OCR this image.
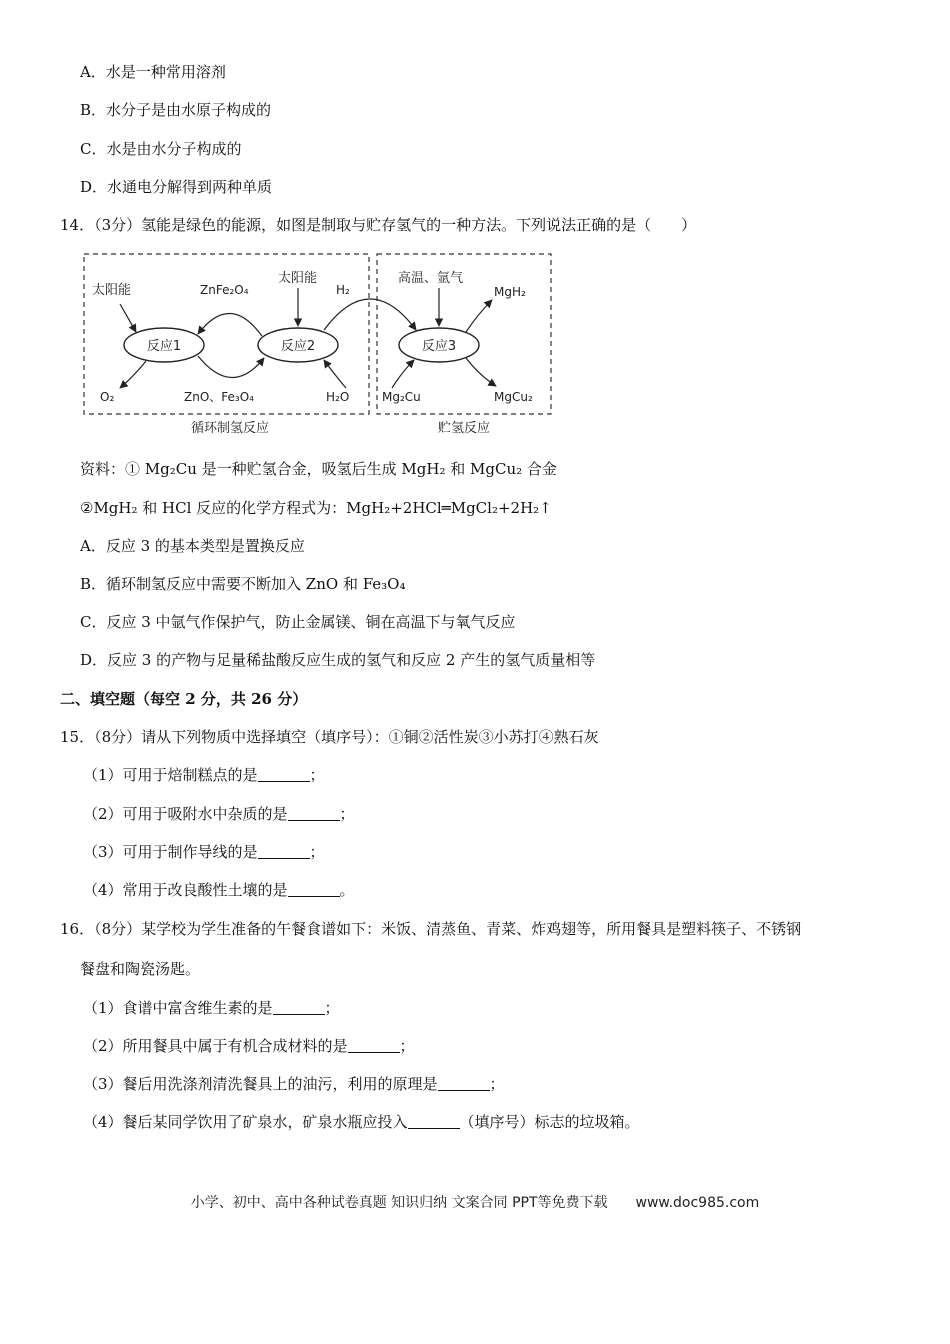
A．水是一种常用溶剂
B．水分子是由水原子构成的
C．水是由水分子构成的
D．水通电分解得到两种单质
14．（3分）氢能是绿色的能源，如图是制取与贮存氢气的一种方法。下列说法正确的是（　　）
反应1	反应2	反应3
太阳能	ZnFe₂O₄
太阳能
H₂
高温、氩气
MgH₂
O₂	ZnO、Fe₃O₄	H₂O	Mg₂Cu	MgCu₂
循环制氢反应	贮氢反应
资料：① Mg₂Cu 是一种贮氢合金，吸氢后生成 MgH₂ 和 MgCu₂ 合金
②MgH₂ 和 HCl 反应的化学方程式为：MgH₂+2HCl═MgCl₂+2H₂↑
A．反应 3 的基本类型是置换反应
B．循环制氢反应中需要不断加入 ZnO 和 Fe₃O₄
C．反应 3 中氩气作保护气，防止金属镁、铜在高温下与氧气反应
D．反应 3 的产物与足量稀盐酸反应生成的氢气和反应 2 产生的氢气质量相等
二、填空题（每空 2 分，共 26 分）
15．（8分）请从下列物质中选择填空（填序号）：①铜②活性炭③小苏打④熟石灰
（1）可用于焙制糕点的是	；
（2）可用于吸附水中杂质的是	；
（3）可用于制作导线的是	；
（4）常用于改良酸性土壤的是	。
16．（8分）某学校为学生准备的午餐食谱如下：米饭、清蒸鱼、青菜、炸鸡翅等，所用餐具是塑料筷子、不锈钢
餐盘和陶瓷汤匙。
（1）食谱中富含维生素的是	；
（2）所用餐具中属于有机合成材料的是	；
（3）餐后用洗涤剂清洗餐具上的油污，利用的原理是	；
（4）餐后某同学饮用了矿泉水，矿泉水瓶应投入	（填序号）标志的垃圾箱。
小学、初中、高中各种试卷真题 知识归纳 文案合同 PPT等免费下载　　www.doc985.com
